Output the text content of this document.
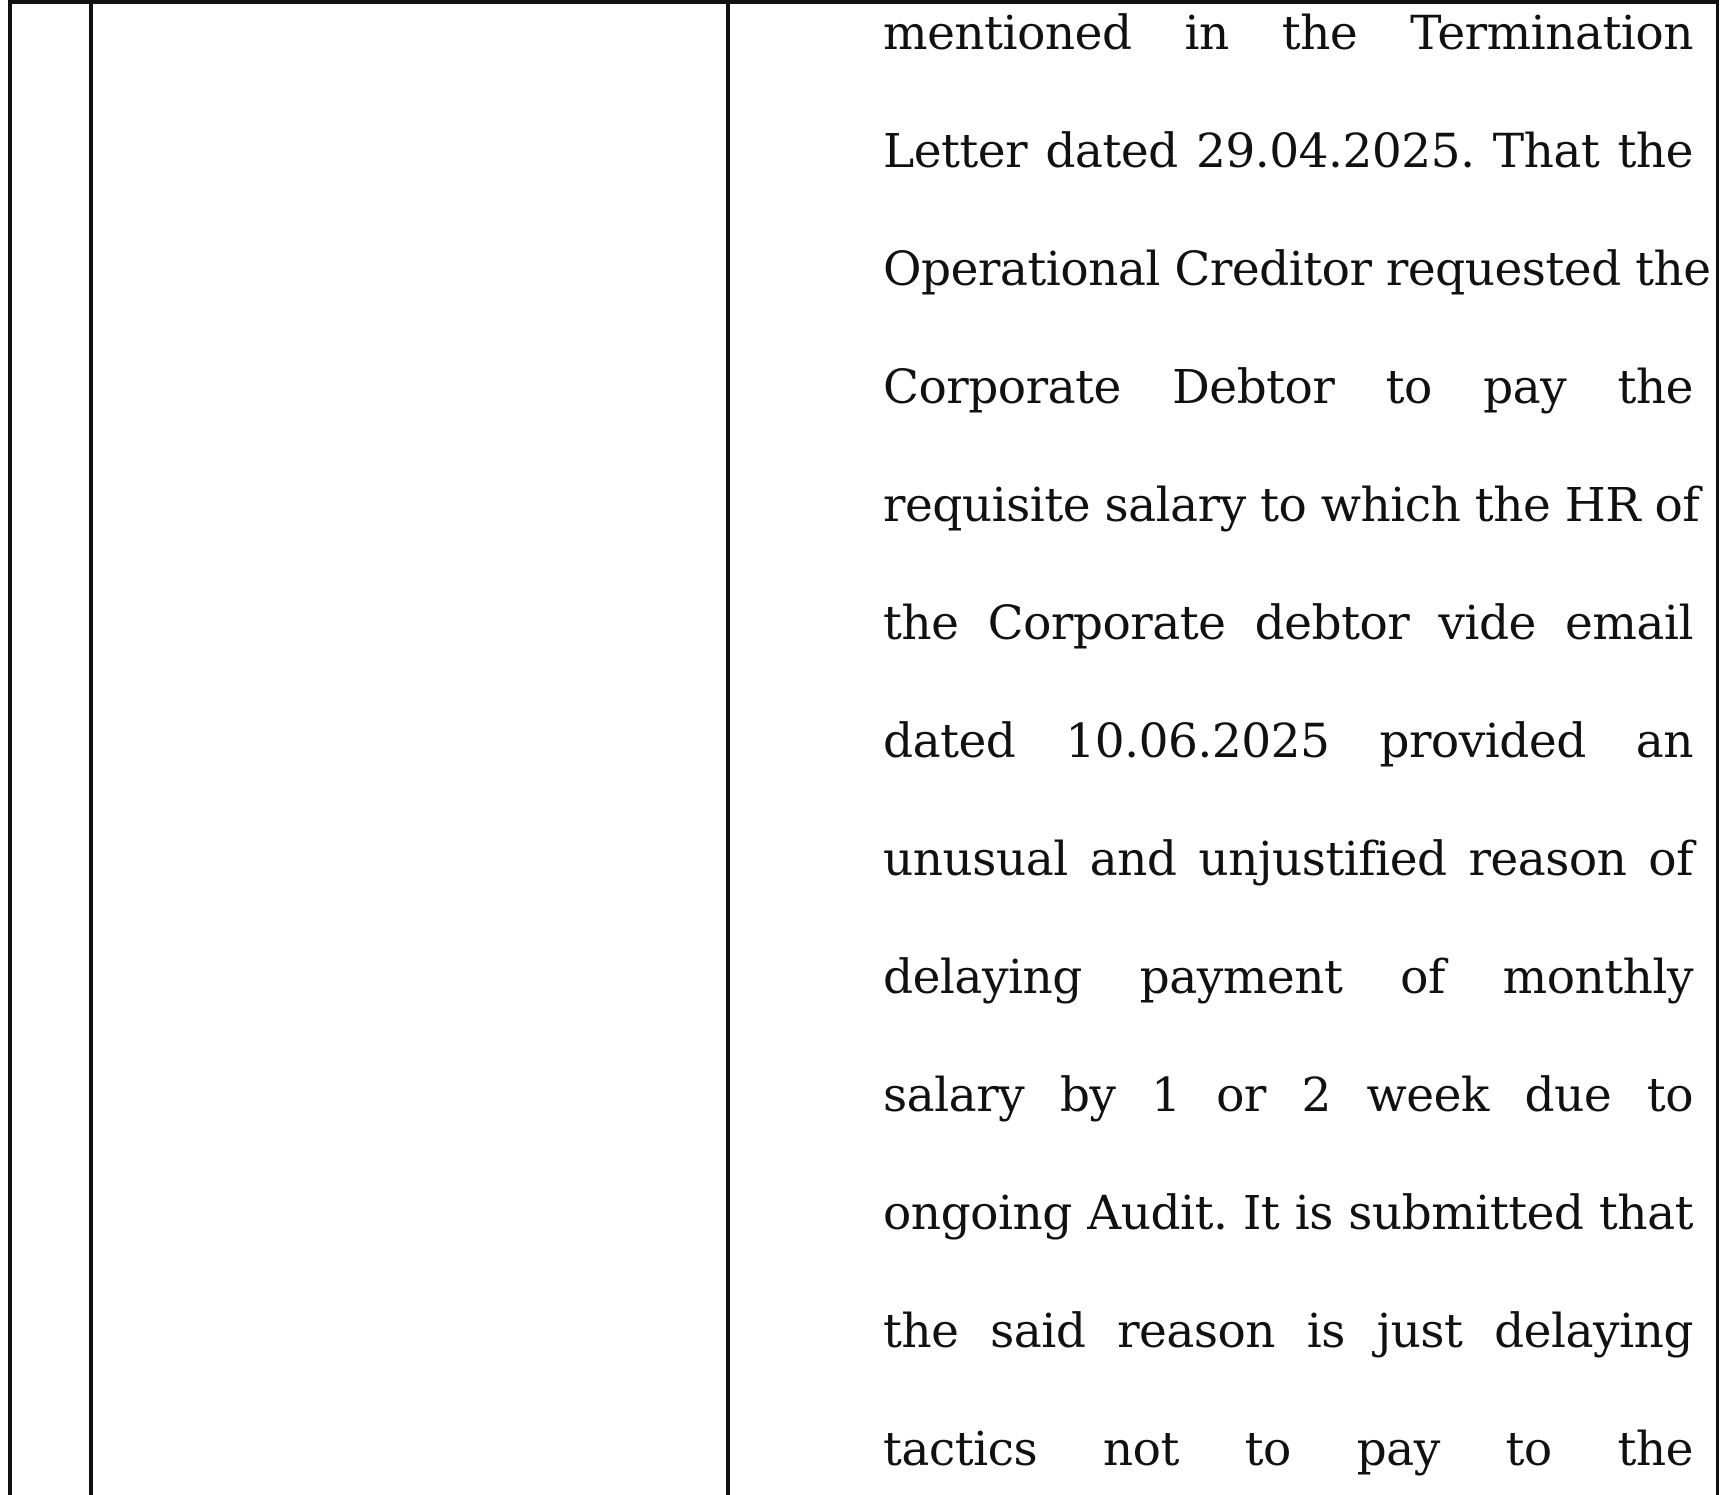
mentioned in the Termination
Letter dated 29.04.2025. That the
Operational Creditor requested the
Corporate Debtor to pay the
requisite salary to which the HR of
the Corporate debtor vide email
dated 10.06.2025 provided an
unusual and unjustified reason of
delaying payment of monthly
salary by 1 or 2 week due to
ongoing Audit. It is submitted that
the said reason is just delaying
tactics not to pay to the
